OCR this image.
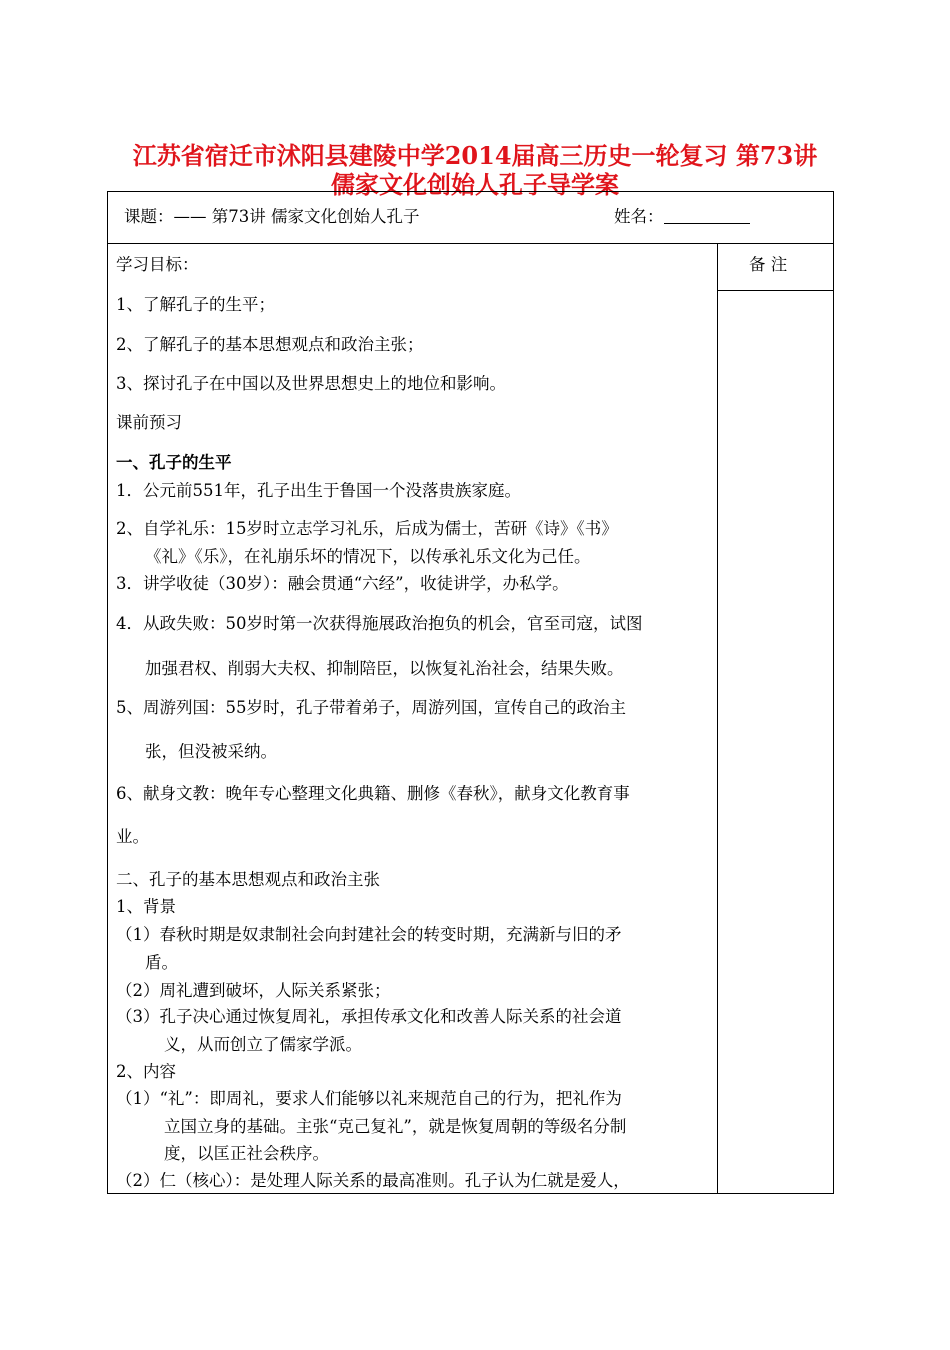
江苏省宿迁市沭阳县建陵中学2014届高三历史一轮复习 第73讲
儒家文化创始人孔子导学案
课题：—— 第73讲 儒家文化创始人孔子	姓名：
备 注
学习目标：
1、了解孔子的生平；
2、了解孔子的基本思想观点和政治主张；
3、探讨孔子在中国以及世界思想史上的地位和影响。
课前预习
一、孔子的生平
1．公元前551年，孔子出生于鲁国一个没落贵族家庭。
2、自学礼乐：15岁时立志学习礼乐，后成为儒士，苦研《诗》《书》
《礼》《乐》，在礼崩乐坏的情况下，以传承礼乐文化为己任。
3．讲学收徒（30岁）：融会贯通“六经”，收徒讲学，办私学。
4．从政失败：50岁时第一次获得施展政治抱负的机会，官至司寇，试图
加强君权、削弱大夫权、抑制陪臣，以恢复礼治社会，结果失败。
5、周游列国：55岁时，孔子带着弟子，周游列国，宣传自己的政治主
张，但没被采纳。
6、献身文教：晚年专心整理文化典籍、删修《春秋》，献身文化教育事
业。
二、孔子的基本思想观点和政治主张
1、背景
（1）春秋时期是奴隶制社会向封建社会的转变时期，充满新与旧的矛
盾。
（2）周礼遭到破坏，人际关系紧张；
（3）孔子决心通过恢复周礼，承担传承文化和改善人际关系的社会道
义，从而创立了儒家学派。
2、内容
（1）“礼”：即周礼，要求人们能够以礼来规范自己的行为，把礼作为
立国立身的基础。主张“克己复礼”，就是恢复周朝的等级名分制
度，以匡正社会秩序。
（2）仁（核心）：是处理人际关系的最高准则。孔子认为仁就是爱人，
